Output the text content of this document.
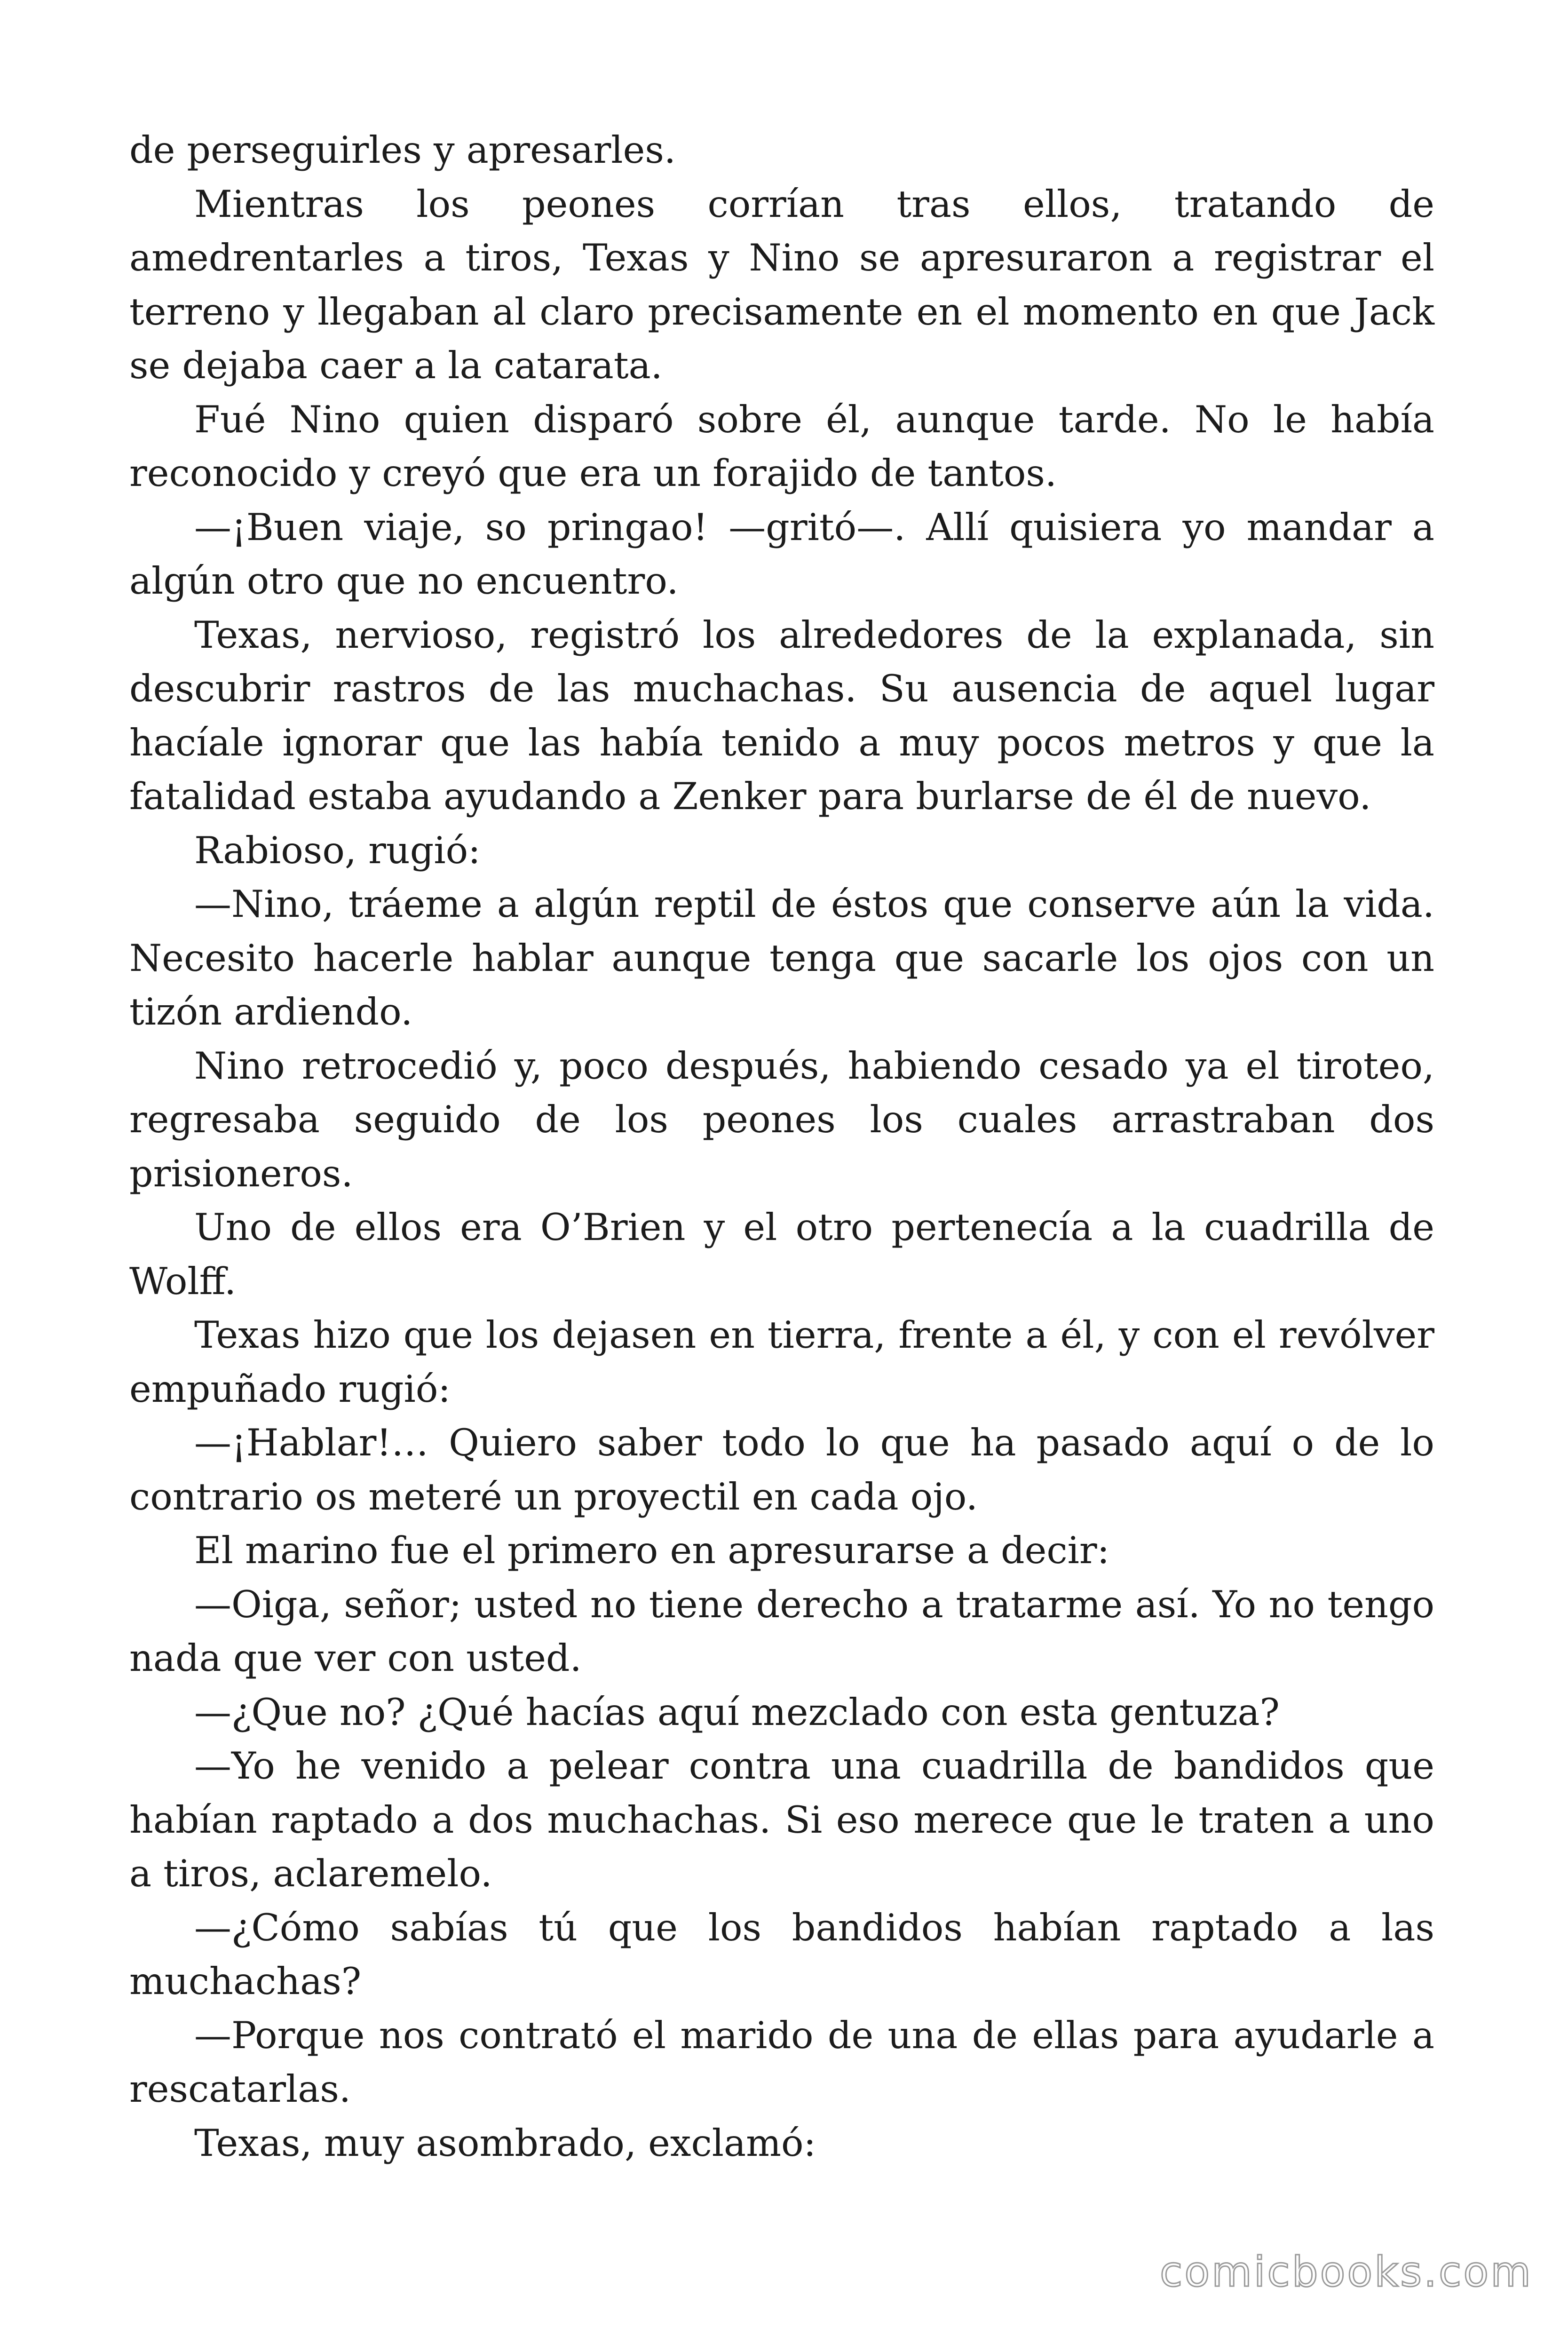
de perseguirles y apresarles.

Mientras los peones corrían tras ellos, tratando de amedrentarles a tiros, Texas y Nino se apresuraron a registrar el terreno y llegaban al claro precisamente en el momento en que Jack se dejaba caer a la catarata.

Fué Nino quien disparó sobre él, aunque tarde. No le había reconocido y creyó que era un forajido de tantos.

—¡Buen viaje, so pringao! —gritó—. Allí quisiera yo mandar a algún otro que no encuentro.

Texas, nervioso, registró los alrededores de la explanada, sin descubrir rastros de las muchachas. Su ausencia de aquel lugar hacíale ignorar que las había tenido a muy pocos metros y que la fatalidad estaba ayudando a Zenker para burlarse de él de nuevo.

Rabioso, rugió:

—Nino, tráeme a algún reptil de éstos que conserve aún la vida. Necesito hacerle hablar aunque tenga que sacarle los ojos con un tizón ardiendo.

Nino retrocedió y, poco después, habiendo cesado ya el tiroteo, regresaba seguido de los peones los cuales arrastraban dos prisioneros.

Uno de ellos era O’Brien y el otro pertenecía a la cuadrilla de Wolff.

Texas hizo que los dejasen en tierra, frente a él, y con el revólver empuñado rugió:

—¡Hablar!… Quiero saber todo lo que ha pasado aquí o de lo contrario os meteré un proyectil en cada ojo.

El marino fue el primero en apresurarse a decir:

—Oiga, señor; usted no tiene derecho a tratarme así. Yo no tengo nada que ver con usted.

—¿Que no? ¿Qué hacías aquí mezclado con esta gentuza?

—Yo he venido a pelear contra una cuadrilla de bandidos que habían raptado a dos muchachas. Si eso merece que le traten a uno a tiros, aclaremelo.

—¿Cómo sabías tú que los bandidos habían raptado a las muchachas?

—Porque nos contrató el marido de una de ellas para ayudarle a rescatarlas.

Texas, muy asombrado, exclamó:

comicbooks.com
